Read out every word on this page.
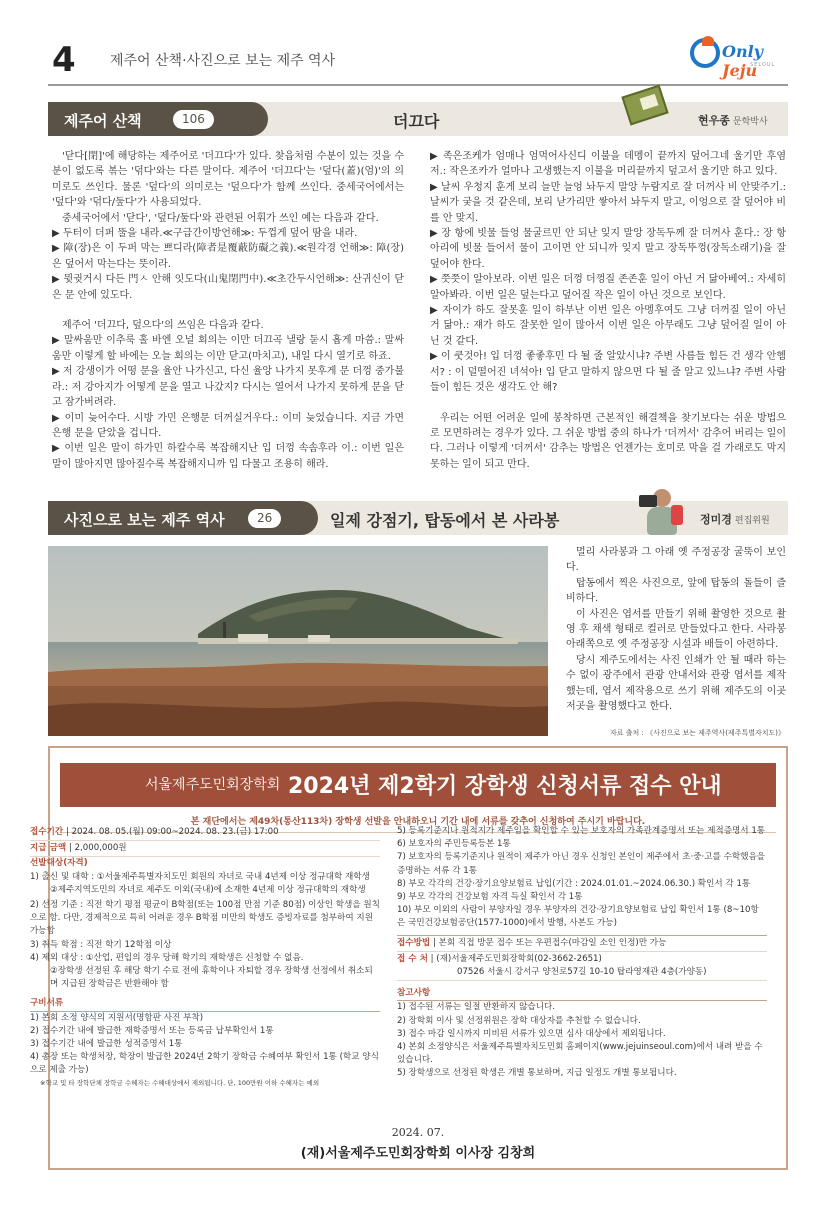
4 제주어 산책·사진으로 보는 제주 역사	Only Jeju
SELOUL
제주어 산책	106	더끄다	현우종 문학박사

'닫다[閉]'에 해당하는 제주어로 '더끄다'가 있다. 찾읍처럼 수분이 있는 것을 수분이 없도록 볶는 '덖다'와는 다른 말이다. 제주어 '더끄다'는 '덮다(蓋)(엄)'의 의미로도 쓰인다. 물론 '덮다'의 의미로는 '덮으다'가 함께 쓰인다. 중세국어에서는 '덮다'와 '덖다/둪다'가 사용되었다.

중세국어에서 '닫다', '덮다/둪다'와 관련된 어휘가 쓰인 예는 다음과 같다.

▶ 두터이 더퍼 뚤을 내라.≪구급간이방언해≫: 두껍게 덮어 땀을 내라.

▶ 障(장)은 이 두퍼 막는 쁘디라(障者是覆蔽防礙之義).≪원각경 언해≫: 障(장)은 덮어서 막는다는 뜻이라.

▶ 뮛귓거시 다든 門ㅅ 안해 잇도다(山鬼閉門中).≪초간두시언해≫: 산귀신이 닫은 문 안에 있도다.

제주어 '더끄다, 덮으다'의 쓰임은 다음과 같다.

▶ 말싸움만 이추룩 홀 바엔 오널 회의는 이만 더끄곡 낼랑 둗시 홉게 마씀.: 말싸움만 이렇게 할 바에는 오늘 회의는 이만 닫고(마치고), 내일 다시 열기로 하죠.

▶ 저 강생이가 어떵 문을 율안 나가신고, 다신 율앙 나가지 못후게 문 더껑 중가불라.: 저 강아지가 어떻게 문을 열고 나갔지? 다시는 열어서 나가지 못하게 문을 닫고 잠가버려라.

▶ 이미 늦어수다. 시방 가민 은행문 더꺼실거우다.: 이미 늦었습니다. 지금 가면 은행 문을 닫았을 겁니다.

▶ 이번 일은 말이 하가민 하칼수록 복잡해지난 입 더껑 속솜후라 이.: 이번 일은 말이 많아지면 많아질수록 복잡해지니까 입 다물고 조용히 해라.

▶ 족은조케가 엄매나 엄먹어사신디 이불을 데멩이 끝까지 덮어그네 울기만 후염저.: 작은조카가 얼마나 고생했는지 이불을 머리끝까지 덮고서 울기만 하고 있다.

▶ 날씨 우청지 훈게 보리 늘만 늘엉 놔두지 말앙 누람지로 잘 더꺼사 비 안맞주기.: 날씨가 궂을 것 같은데, 보리 낟가리만 쌓아서 놔두지 말고, 이엉으로 잘 덮어야 비를 안 맞지.

▶ 장 항에 빗물 들엉 물굴르민 안 되난 잊지 말앙 장독두께 잘 더꺼사 훈다.: 장 항아리에 빗물 들어서 물이 고이면 안 되니까 잊지 말고 장독뚜껑(장독소래기)을 잘 덮어야 한다.

▶ 쯧쯧이 알아보라. 이번 일은 더껑 더껑질 존존훈 일이 아닌 거 닮아베여.: 자세히 알아봐라. 이번 일은 덮는다고 덮어질 작은 일이 아닌 것으로 보인다.

▶ 자이가 하도 잘못훈 일이 하부난 이번 일은 아멩후여도 그냥 더꺼질 일이 아닌 거 닮아.: 쟤가 하도 잘못한 일이 많아서 이번 일은 아무래도 그냥 덮어질 일이 아닌 것 같다.

▶ 이 쿳것아! 입 더껑 좋좋후민 다 될 줄 알았시냐? 주변 사름들 힘든 건 생각 안헴서? : 이 덜떨어진 녀석아! 입 닫고 말하지 않으면 다 될 줄 알고 있느냐? 주변 사람들이 힘든 것은 생각도 안 해?

우리는 어떤 어려운 일에 봉착하면 근본적인 해결책을 찾기보다는 쉬운 방법으로 모면하려는 경우가 있다. 그 쉬운 방법 중의 하나가 '더꺼서' 감추어 버리는 일이다. 그러나 이렇게 '더꺼서' 감추는 방법은 언젠가는 호미로 막을 걸 가래로도 막지 못하는 일이 되고 만다.

사진으로 보는 제주 역사	26	일제 강점기, 탑동에서 본 사라봉	정미경 편집위원

멀리 사라봉과 그 아래 옛 주정공장 굴뚝이 보인다.

탑동에서 찍은 사진으로, 앞에 탑동의 돌들이 즐비하다.

이 사진은 엽서를 만들기 위해 촬영한 것으로 촬영 후 채색 형태로 컬러로 만들었다고 한다. 사라봉 아래쪽으로 옛 주정공장 시설과 배들이 아련하다.

당시 제주도에서는 사진 인쇄가 안 될 때라 하는 수 없이 광주에서 관광 안내서와 관광 엽서를 제작했는데, 엽서 제작용으로 쓰기 위해 제주도의 이곳저곳을 촬영했다고 한다.

자료 출처 : 《사진으로 보는 제주역사(제주특별자치도)》
서울제주도민회장학회 2024년 제2학기 장학생 신청서류 접수 안내
본 재단에서는 제49차(통산113차) 장학생 선발을 안내하오니 기간 내에 서류를 갖추어 신청하여 주시기 바랍니다.
접수기간 | 2024. 08. 05.(월) 09:00~2024. 08. 23.(금) 17:00
지급 금액 | 2,000,000원
선발대상(자격)
1) 출신 및 대학 : ①서울제주특별자치도민 회원의 자녀로 국내 4년제 이상 정규대학 재학생
②제주지역도민의 자녀로 제주도 이외(국내)에 소재한 4년제 이상 정규대학의 재학생
2) 선정 기준 : 직전 학기 평점 평균이 B학점(또는 100점 만점 기준 80점) 이상인 학생을 원칙으로 함. 다만, 경제적으로 특히 어려운 경우 B학점 미만의 학생도 증빙자료를 첨부하여 지원 가능함
3) 취득 학점 : 직전 학기 12학점 이상
4) 제외 대상 : ①산업, 편입의 경우 당해 학기의 재학생은 신청할 수 없음.
②장학생 선정된 후 해당 학기 수료 전에 휴학이나 자퇴할 경우 장학생 선정에서 취소되며 지급된 장학금은 반환해야 함
구비서류
1) 본회 소정 양식의 지원서(명함판 사진 부착)
2) 접수기간 내에 발급한 재학증명서 또는 등록금 납부확인서 1통
3) 접수기간 내에 발급한 성적증명서 1통
4) 총장 또는 학생처장, 학장이 발급한 2024년 2학기 장학금 수혜여부 확인서 1통 (학교 양식으로 제출 가능)
※학교 및 타 장학단체 장학금 수혜자는 수혜대상에서 제외됩니다. 단, 100만원 이하 수혜자는 예외
5) 등록기준지나 원적지가 제주임을 확인할 수 있는 보호자의 가족관계증명서 또는 제적증명서 1통
6) 보호자의 주민등록등본 1통
7) 보호자의 등록기준지나 원적이 제주가 아닌 경우 신청인 본인이 제주에서 초·중·고를 수학했음을 증명하는 서류 각 1통
8) 부모 각각의 건강·장기요양보험료 납입(기간 : 2024.01.01.~2024.06.30.) 확인서 각 1통
9) 부모 각각의 건강보험 자격 득실 확인서 각 1통
10) 부모 이외의 사람이 부양자일 경우 부양자의 건강·장기요양보험료 납입 확인서 1통 (8~10항은 국민건강보험공단(1577-1000)에서 발행, 사본도 가능)
접수방법 | 본회 직접 방문 접수 또는 우편접수(마감일 소인 인정)만 가능
접 수 처 | (재)서울제주도민회장학회(02-3662-2651)
07526 서울시 강서구 양천로57길 10-10 탑라영재관 4층(가양동)
참고사항
1) 접수된 서류는 일절 반환하지 않습니다.
2) 장학회 이사 및 선정위원은 장학 대상자를 추천할 수 없습니다.
3) 접수 마감 일시까지 미비된 서류가 있으면 심사 대상에서 제외됩니다.
4) 본회 소정양식은 서울제주특별자치도민회 홈페이지(www.jejuinseoul.com)에서 내려 받을 수 있습니다.
5) 장학생으로 선정된 학생은 개별 통보하며, 지급 일정도 개별 통보됩니다.
2024. 07.
(재)서울제주도민회장학회 이사장 김창희
